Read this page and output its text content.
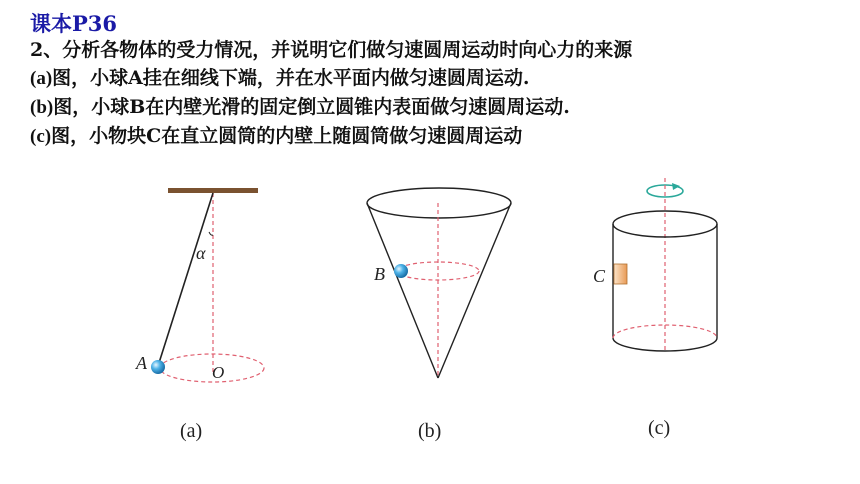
课本P36
2、分析各物体的受力情况，并说明它们做匀速圆周运动时向心力的来源
(a)图，小球A挂在细线下端，并在水平面内做匀速圆周运动.
(b)图，小球B在内壁光滑的固定倒立圆锥内表面做匀速圆周运动.
(c)图，小物块C在直立圆筒的内壁上随圆筒做匀速圆周运动
α
A	O
B	C
(a)	(b)	(c)
